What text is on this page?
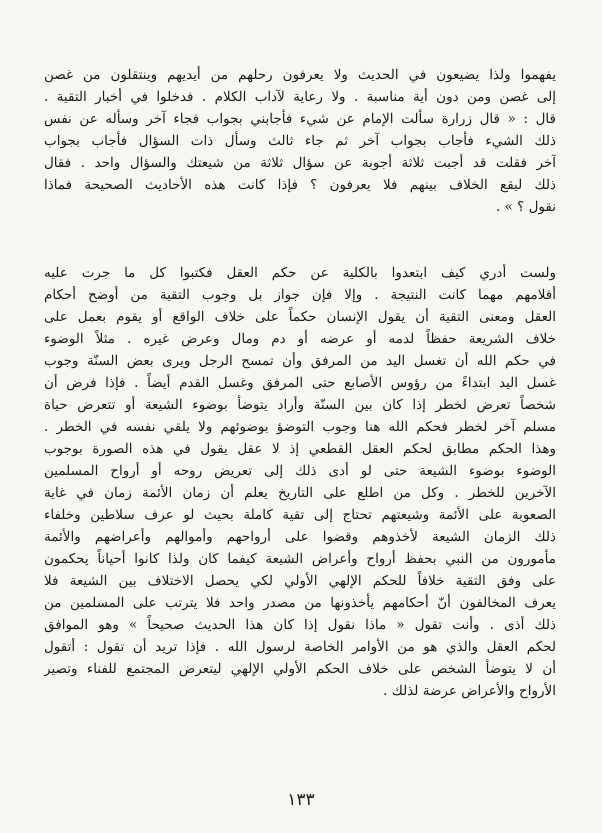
يفهموا ولذا يضيعون في الحديث ولا يعرفون رحلهم من أيديهم وينتقلون من غصن
إلى غصن ومن دون أية مناسبة . ولا رعاية لآداب الكلام . فدخلوا في أخبار التقية .
قال : « قال زرارة سألت الإمام عن شيء فأجابني بجواب فجاء آخر وسأله عن نفس
ذلك الشيء فأجاب بجواب آخر ثم جاء ثالث وسأل ذات السؤال فأجاب بجواب
آخر فقلت قد أجبت ثلاثة أجوبة عن سؤال ثلاثة من شيعتك والسؤال واحد . فقال
ذلك ليقع الخلاف بينهم فلا يعرفون ؟ فإذا كانت هذه الأحاديث الصحيحة فماذا
نقول ؟ » .
ولست أدري كيف ابتعدوا بالكلية عن حكم العقل فكتبوا كل ما جرت عليه
أقلامهم مهما كانت النتيجة . وإلا فإن جواز بل وجوب التقية من أوضح أحكام
العقل ومعنى التقية أن يقول الإنسان حكماً على خلاف الواقع أو يقوم بعمل على
خلاف الشريعة حفظاً لدمه أو عرضه أو دم ومال وعرض غيره . مثلاً الوضوء
في حكم الله أن تغسل اليد من المرفق وأن تمسح الرجل ويرى بعض السنّة وجوب
غسل اليد ابتداءً من رؤوس الأصابع حتى المرفق وغسل القدم أيضاً . فإذا فرض أن
شخصاً تعرض لخطر إذا كان بين السنّة وأراد يتوضأ بوضوء الشيعة أو تتعرض حياة
مسلم آخر لخطر فحكم الله هنا وجوب التوضؤ بوضوئهم ولا يلقي نفسه في الخطر .
وهذا الحكم مطابق لحكم العقل القطعي إذ لا عقل يقول في هذه الصورة بوجوب
الوضوء بوضوء الشيعة حتى لو أدى ذلك إلى تعريض روحه أو أرواح المسلمين
الآخرين للخطر . وكل من اطلع على التاريخ يعلم أن زمان الأئمة زمان في غاية
الصعوبة على الأئمة وشيعتهم تحتاج إلى تقية كاملة بحيث لو عرف سلاطين وخلفاء
ذلك الزمان الشيعة لأخذوهم وقضوا على أرواحهم وأموالهم وأعراضهم والأئمة
مأمورون من النبي بحفظ أرواح وأعراض الشيعة كيفما كان ولذا كانوا أحياناً يحكمون
على وفق التقية خلافاً للحكم الإلهي الأولي لكي يحصل الاختلاف بين الشيعة فلا
يعرف المخالفون أنّ أحكامهم يأخذونها من مصدر واحد فلا يترتب على المسلمين من
ذلك أذى . وأنت تقول « ماذا نقول إذا كان هذا الحديث صحيحاً » وهو الموافق
لحكم العقل والذي هو من الأوامر الخاصة لرسول الله . فإذا تريد أن تقول : أتقول
أن لا يتوضأ الشخص على خلاف الحكم الأولي الإلهي ليتعرض المجتمع للفناء وتصير
الأرواح والأعراض عرضة لذلك .
١٣٣
